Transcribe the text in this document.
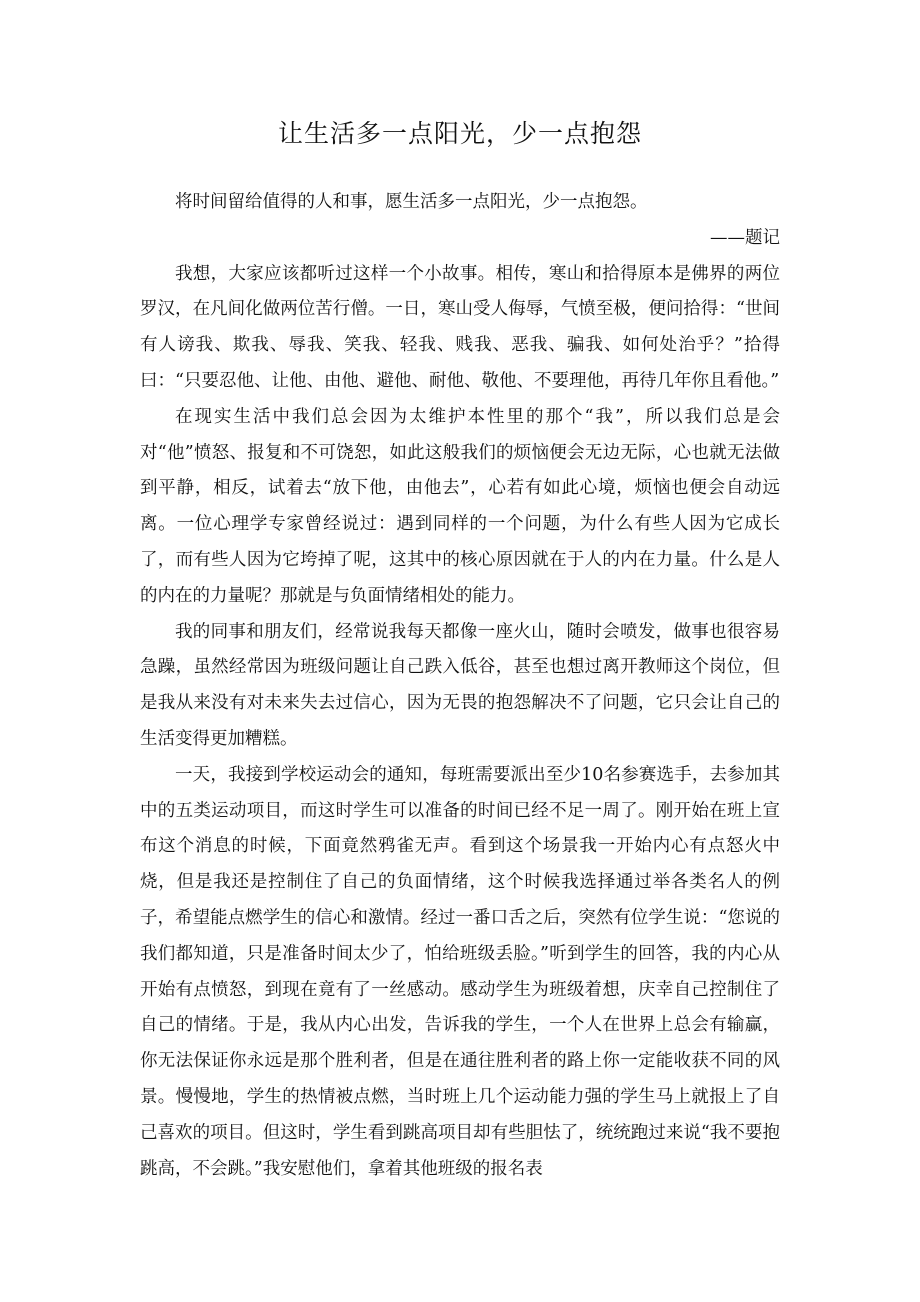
让生活多一点阳光，少一点抱怨

将时间留给值得的人和事，愿生活多一点阳光，少一点抱怨。

——题记

我想，大家应该都听过这样一个小故事。相传，寒山和拾得原本是佛界的两位罗汉，在凡间化做两位苦行僧。一日，寒山受人侮辱，气愤至极，便问拾得：“世间有人谤我、欺我、辱我、笑我、轻我、贱我、恶我、骗我、如何处治乎？”拾得曰：“只要忍他、让他、由他、避他、耐他、敬他、不要理他，再待几年你且看他。”

在现实生活中我们总会因为太维护本性里的那个“我”，所以我们总是会对“他”愤怒、报复和不可饶恕，如此这般我们的烦恼便会无边无际，心也就无法做到平静，相反，试着去“放下他，由他去”，心若有如此心境，烦恼也便会自动远离。一位心理学专家曾经说过：遇到同样的一个问题，为什么有些人因为它成长了，而有些人因为它垮掉了呢，这其中的核心原因就在于人的内在力量。什么是人的内在的力量呢？那就是与负面情绪相处的能力。

我的同事和朋友们，经常说我每天都像一座火山，随时会喷发，做事也很容易急躁，虽然经常因为班级问题让自己跌入低谷，甚至也想过离开教师这个岗位，但是我从来没有对未来失去过信心，因为无畏的抱怨解决不了问题，它只会让自己的生活变得更加糟糕。

一天，我接到学校运动会的通知，每班需要派出至少10名参赛选手，去参加其中的五类运动项目，而这时学生可以准备的时间已经不足一周了。刚开始在班上宣布这个消息的时候，下面竟然鸦雀无声。看到这个场景我一开始内心有点怒火中烧，但是我还是控制住了自己的负面情绪，这个时候我选择通过举各类名人的例子，希望能点燃学生的信心和激情。经过一番口舌之后，突然有位学生说：“您说的我们都知道，只是准备时间太少了，怕给班级丢脸。”听到学生的回答，我的内心从开始有点愤怒，到现在竟有了一丝感动。感动学生为班级着想，庆幸自己控制住了自己的情绪。于是，我从内心出发，告诉我的学生，一个人在世界上总会有输赢，你无法保证你永远是那个胜利者，但是在通往胜利者的路上你一定能收获不同的风景。慢慢地，学生的热情被点燃，当时班上几个运动能力强的学生马上就报上了自己喜欢的项目。但这时，学生看到跳高项目却有些胆怯了，统统跑过来说“我不要抱跳高，不会跳。”我安慰他们，拿着其他班级的报名表
